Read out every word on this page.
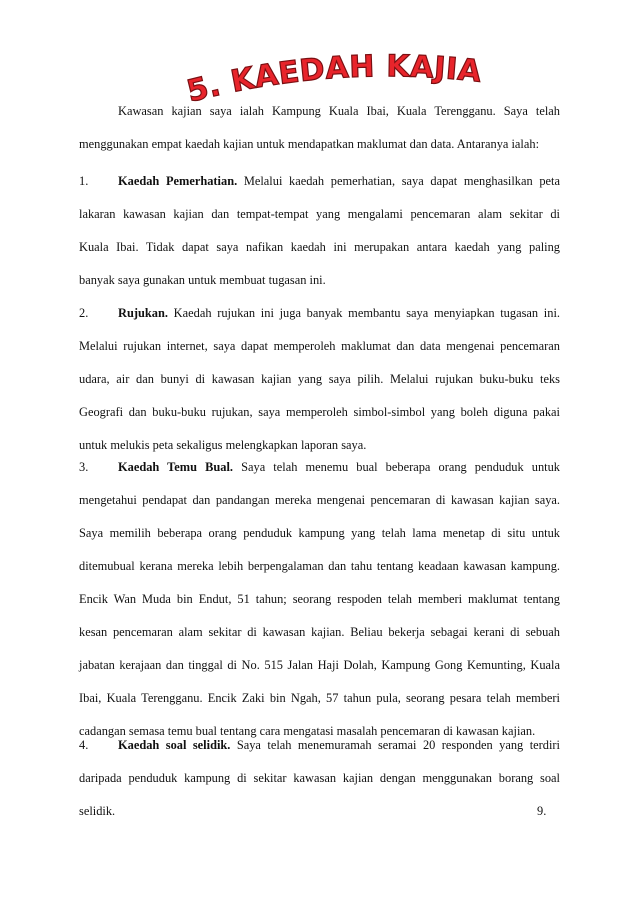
5. KAEDAH KAJIAN
Kawasan kajian saya ialah Kampung Kuala Ibai, Kuala Terengganu. Saya telah
menggunakan empat kaedah kajian untuk mendapatkan maklumat dan data. Antaranya ialah:
1. Kaedah Pemerhatian. Melalui kaedah pemerhatian, saya dapat menghasilkan peta
lakaran kawasan kajian dan tempat-tempat yang mengalami pencemaran alam sekitar di
Kuala Ibai. Tidak dapat saya nafikan kaedah ini merupakan antara kaedah yang paling
banyak saya gunakan untuk membuat tugasan ini.
2. Rujukan. Kaedah rujukan ini juga banyak membantu saya menyiapkan tugasan ini.
Melalui rujukan internet, saya dapat memperoleh maklumat dan data mengenai pencemaran
udara, air dan bunyi di kawasan kajian yang saya pilih. Melalui rujukan buku-buku teks
Geografi dan buku-buku rujukan, saya memperoleh simbol-simbol yang boleh diguna pakai
untuk melukis peta sekaligus melengkapkan laporan saya.
3. Kaedah Temu Bual. Saya telah menemu bual beberapa orang penduduk untuk
mengetahui pendapat dan pandangan mereka mengenai pencemaran di kawasan kajian saya.
Saya memilih beberapa orang penduduk kampung yang telah lama menetap di situ untuk
ditemubual kerana mereka lebih berpengalaman dan tahu tentang keadaan kawasan kampung.
Encik Wan Muda bin Endut, 51 tahun; seorang respoden telah memberi maklumat tentang
kesan pencemaran alam sekitar di kawasan kajian. Beliau bekerja sebagai kerani di sebuah
jabatan kerajaan dan tinggal di No. 515 Jalan Haji Dolah, Kampung Gong Kemunting, Kuala
Ibai, Kuala Terengganu. Encik Zaki bin Ngah, 57 tahun pula, seorang pesara telah memberi
cadangan semasa temu bual tentang cara mengatasi masalah pencemaran di kawasan kajian.
4. Kaedah soal selidik. Saya telah menemuramah seramai 20 responden yang terdiri
daripada penduduk kampung di sekitar kawasan kajian dengan menggunakan borang soal
selidik.	9.
